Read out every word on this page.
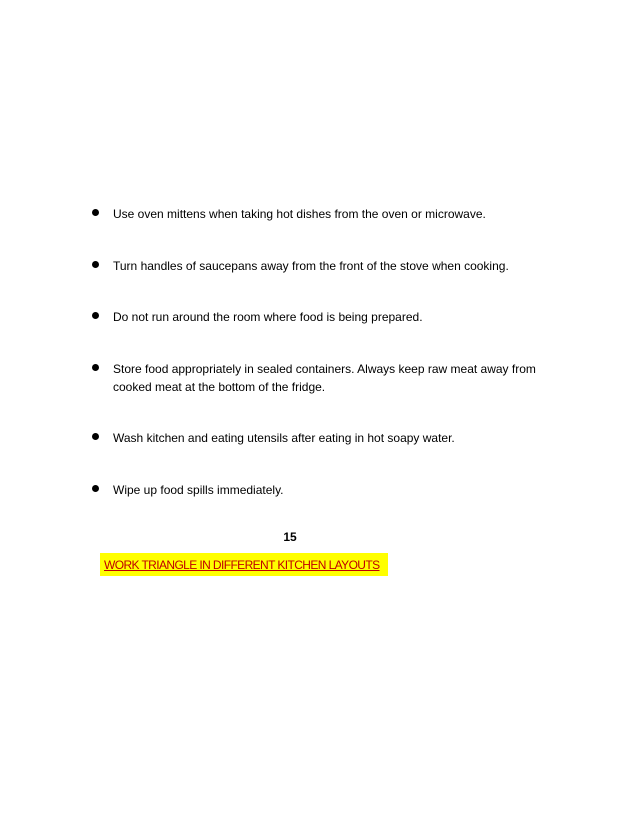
Use oven mittens when taking hot dishes from the oven or microwave.
Turn handles of saucepans away from the front of the stove when cooking.
Do not run around the room where food is being prepared.
Store food appropriately in sealed containers. Always keep raw meat away from cooked meat at the bottom of the fridge.
Wash kitchen and eating utensils after eating in hot soapy water.
Wipe up food spills immediately.
15
WORK TRIANGLE IN DIFFERENT KITCHEN LAYOUTS
